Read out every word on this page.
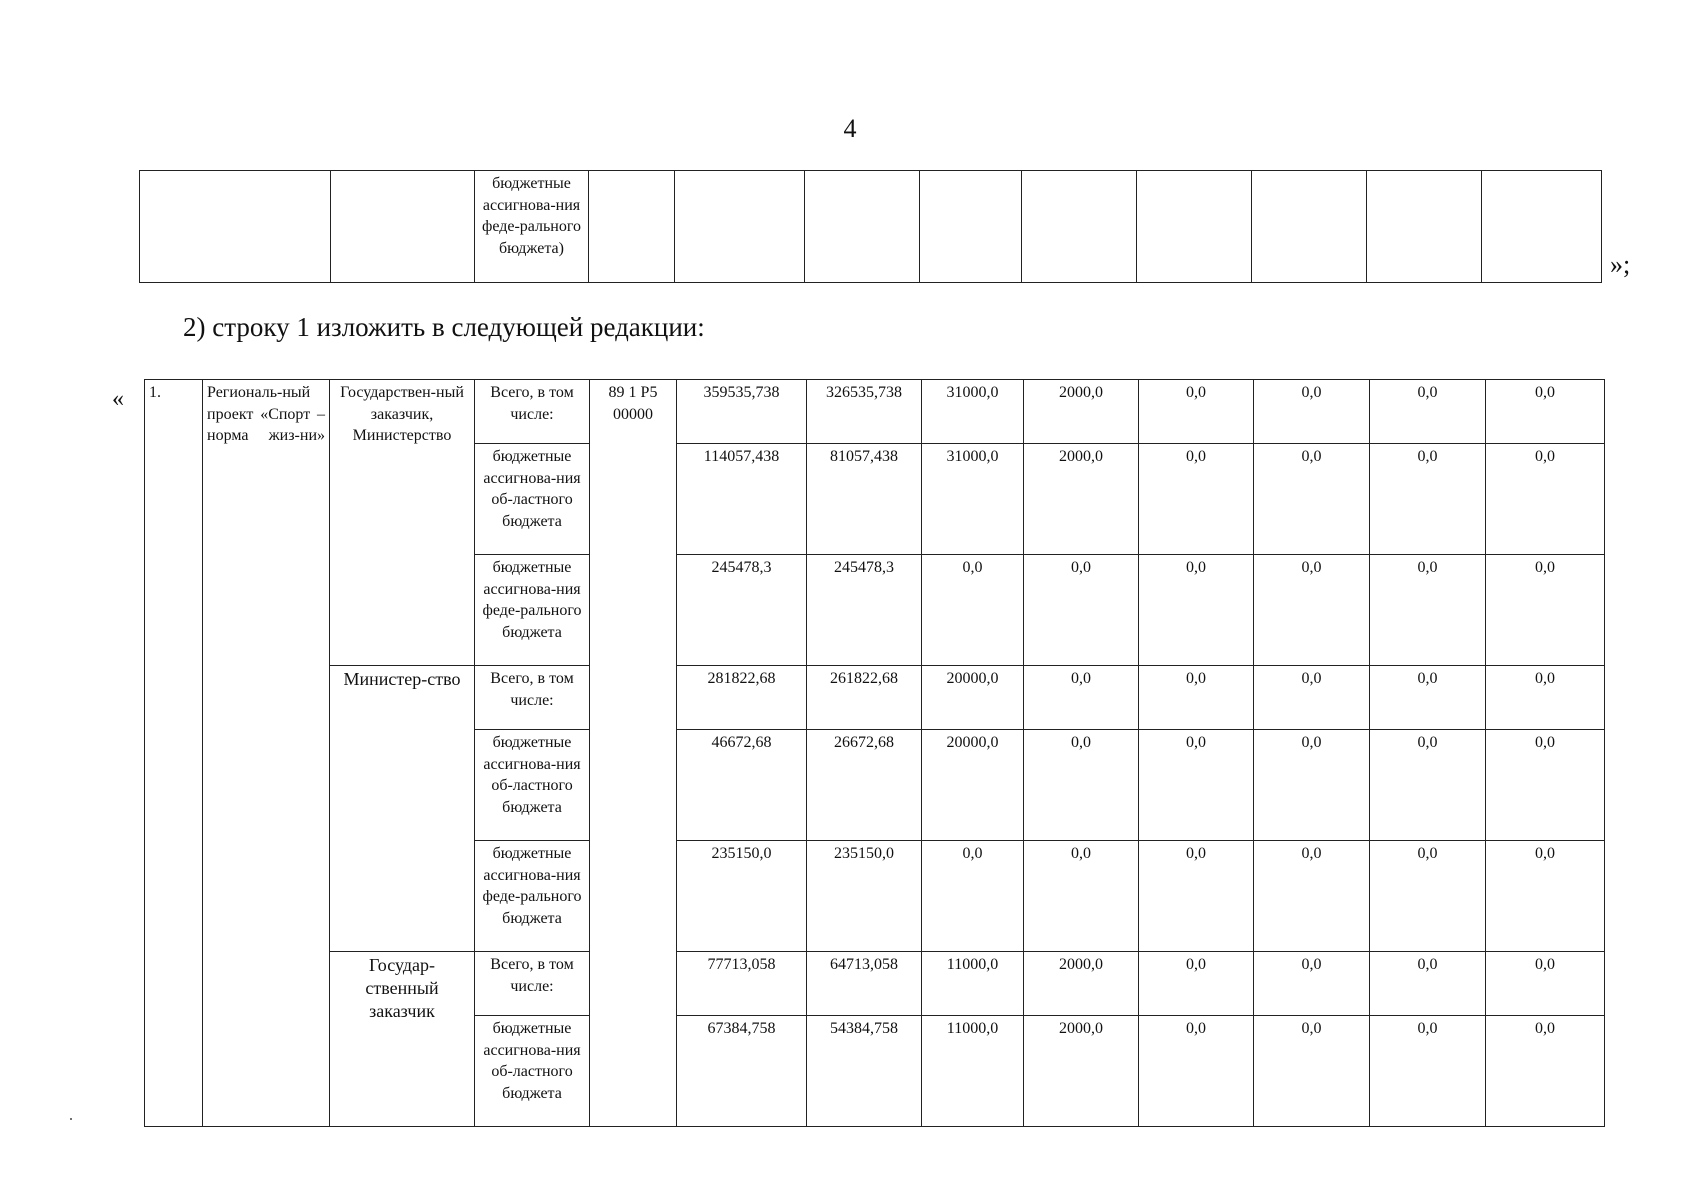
4
		бюджетные ассигнова-ния феде-рального бюджета)									
»;
2) строку 1 изложить в следующей редакции:
« 1.	Региональ-ный проект «Спорт – норма жиз-ни»	Государствен-ный заказчик, Министерство	Всего, в том числе:	89 1 P5 00000	359535,738	326535,738	31000,0	2000,0	0,0	0,0	0,0	0,0
			бюджетные ассигнова-ния об-ластного бюджета		114057,438	81057,438	31000,0	2000,0	0,0	0,0	0,0	0,0
			бюджетные ассигнова-ния феде-рального бюджета		245478,3	245478,3	0,0	0,0	0,0	0,0	0,0	0,0
		Министер-ство	Всего, в том числе:		281822,68	261822,68	20000,0	0,0	0,0	0,0	0,0	0,0
			бюджетные ассигнова-ния об-ластного бюджета		46672,68	26672,68	20000,0	0,0	0,0	0,0	0,0	0,0
			бюджетные ассигнова-ния феде-рального бюджета		235150,0	235150,0	0,0	0,0	0,0	0,0	0,0	0,0
		Государ-ственный заказчик	Всего, в том числе:		77713,058	64713,058	11000,0	2000,0	0,0	0,0	0,0	0,0
			бюджетные ассигнова-ния об-ластного бюджета		67384,758	54384,758	11000,0	2000,0	0,0	0,0	0,0	0,0
